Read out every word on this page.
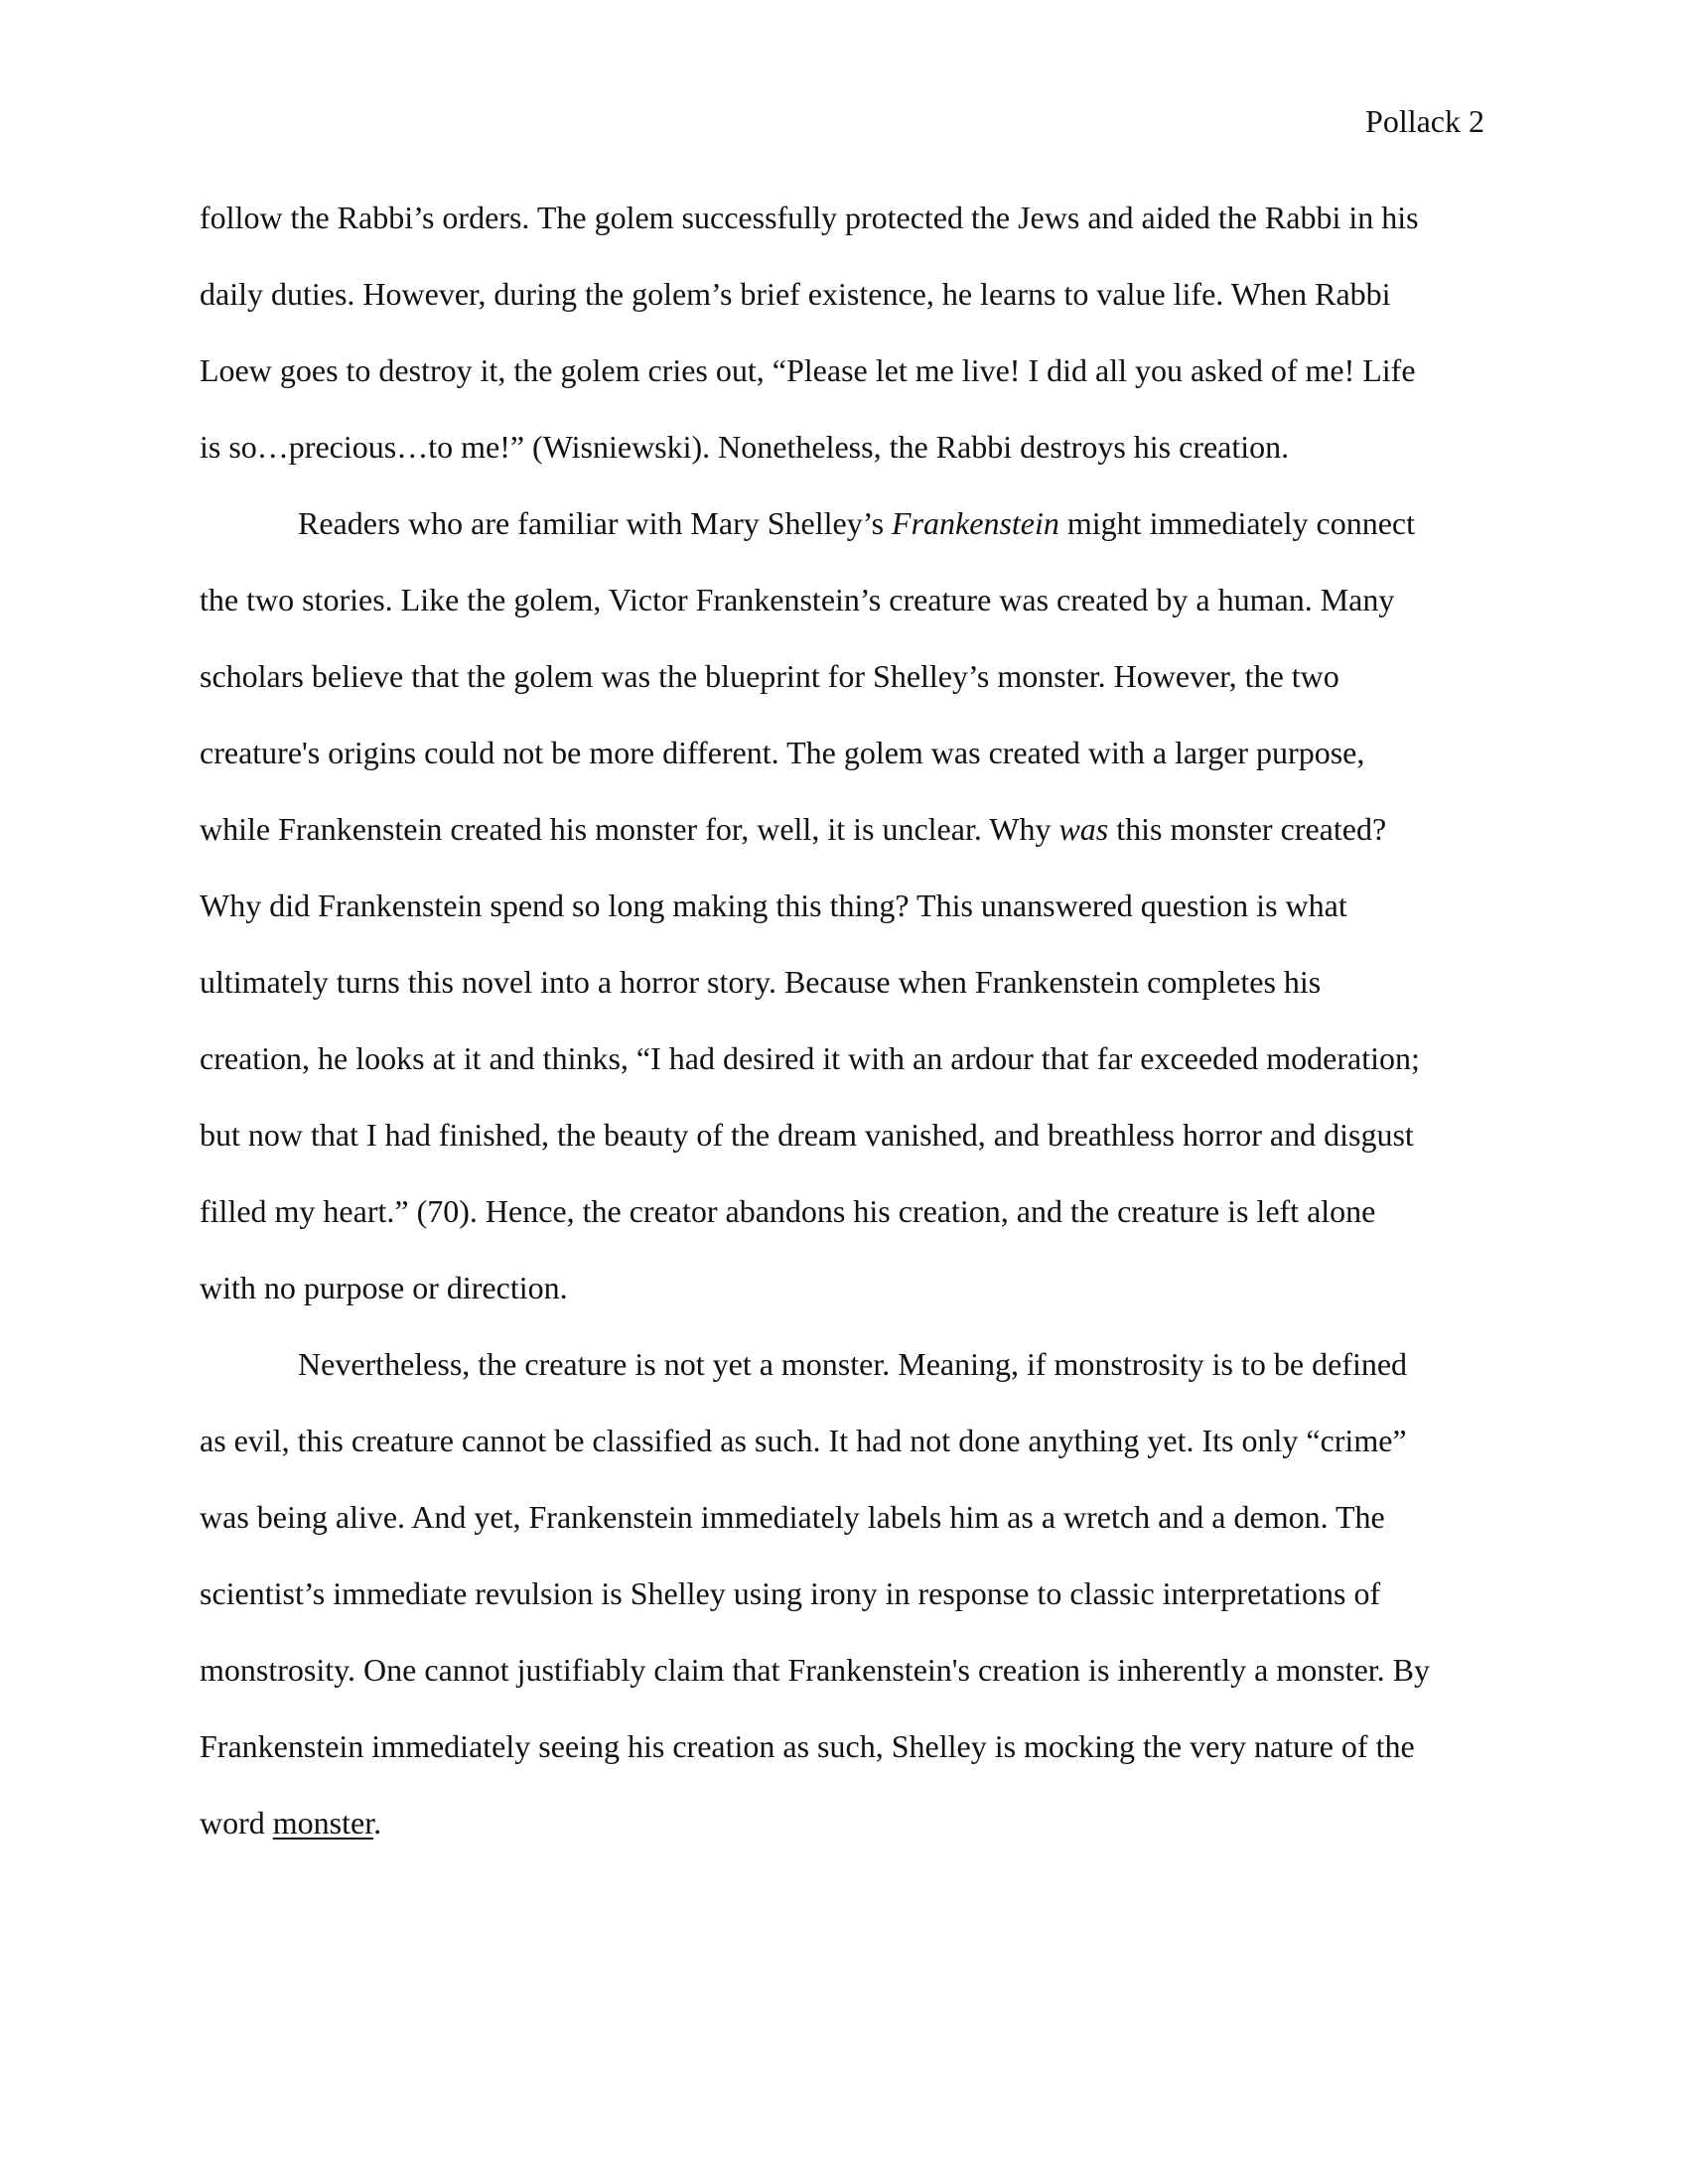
Pollack 2
follow the Rabbi’s orders. The golem successfully protected the Jews and aided the Rabbi in his
daily duties. However, during the golem’s brief existence, he learns to value life. When Rabbi
Loew goes to destroy it, the golem cries out, “Please let me live! I did all you asked of me! Life
is so…precious…to me!” (Wisniewski). Nonetheless, the Rabbi destroys his creation.
Readers who are familiar with Mary Shelley’s Frankenstein might immediately connect
the two stories. Like the golem, Victor Frankenstein’s creature was created by a human. Many
scholars believe that the golem was the blueprint for Shelley’s monster. However, the two
creature's origins could not be more different. The golem was created with a larger purpose,
while Frankenstein created his monster for, well, it is unclear. Why was this monster created?
Why did Frankenstein spend so long making this thing? This unanswered question is what
ultimately turns this novel into a horror story. Because when Frankenstein completes his
creation, he looks at it and thinks, “I had desired it with an ardour that far exceeded moderation;
but now that I had finished, the beauty of the dream vanished, and breathless horror and disgust
filled my heart.” (70). Hence, the creator abandons his creation, and the creature is left alone
with no purpose or direction.
Nevertheless, the creature is not yet a monster. Meaning, if monstrosity is to be defined
as evil, this creature cannot be classified as such. It had not done anything yet. Its only “crime”
was being alive. And yet, Frankenstein immediately labels him as a wretch and a demon. The
scientist’s immediate revulsion is Shelley using irony in response to classic interpretations of
monstrosity. One cannot justifiably claim that Frankenstein's creation is inherently a monster. By
Frankenstein immediately seeing his creation as such, Shelley is mocking the very nature of the
word monster.
